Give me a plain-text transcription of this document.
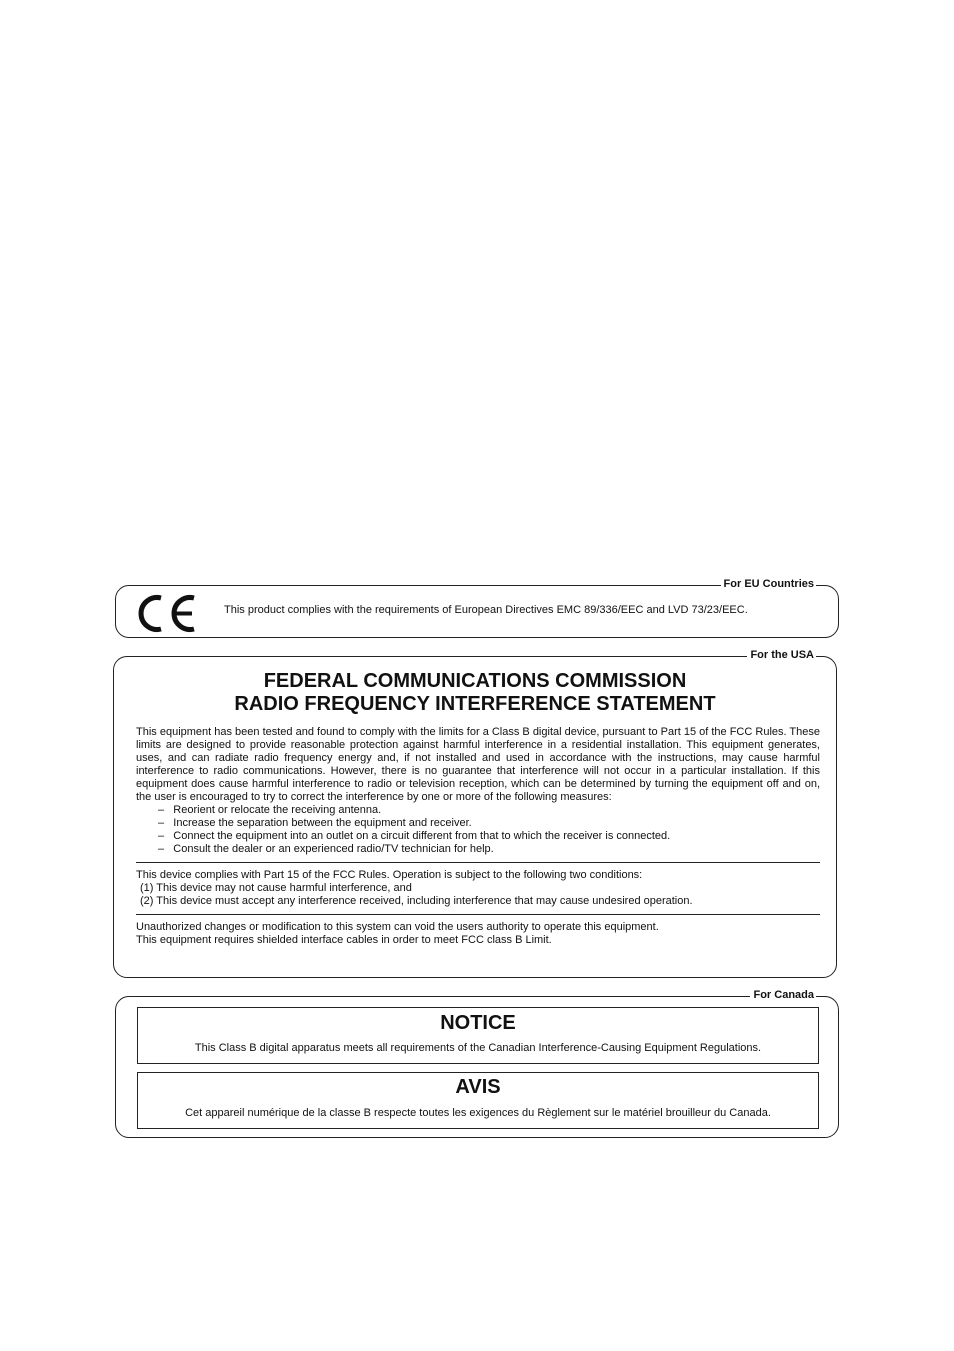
For EU Countries
This product complies with the requirements of European Directives EMC 89/336/EEC and LVD 73/23/EEC.
For the USA
FEDERAL COMMUNICATIONS COMMISSION
RADIO FREQUENCY INTERFERENCE STATEMENT

This equipment has been tested and found to comply with the limits for a Class B digital device, pursuant to Part 15 of the FCC Rules. These limits are designed to provide reasonable protection against harmful interference in a residential installation. This equipment generates, uses, and can radiate radio frequency energy and, if not installed and used in accordance with the instructions, may cause harmful interference to radio communications. However, there is no guarantee that interference will not occur in a particular installation. If this equipment does cause harmful interference to radio or television reception, which can be determined by turning the equipment off and on, the user is encouraged to try to correct the interference by one or more of the following measures:

– Reorient or relocate the receiving antenna.
– Increase the separation between the equipment and receiver.
– Connect the equipment into an outlet on a circuit different from that to which the receiver is connected.
– Consult the dealer or an experienced radio/TV technician for help.

This device complies with Part 15 of the FCC Rules. Operation is subject to the following two conditions:

(1) This device may not cause harmful interference, and

(2) This device must accept any interference received, including interference that may cause undesired operation.

Unauthorized changes or modification to this system can void the users authority to operate this equipment.

This equipment requires shielded interface cables in order to meet FCC class B Limit.

For Canada
NOTICE

This Class B digital apparatus meets all requirements of the Canadian Interference-Causing Equipment Regulations.

AVIS

Cet appareil numérique de la classe B respecte toutes les exigences du Règlement sur le matériel brouilleur du Canada.
